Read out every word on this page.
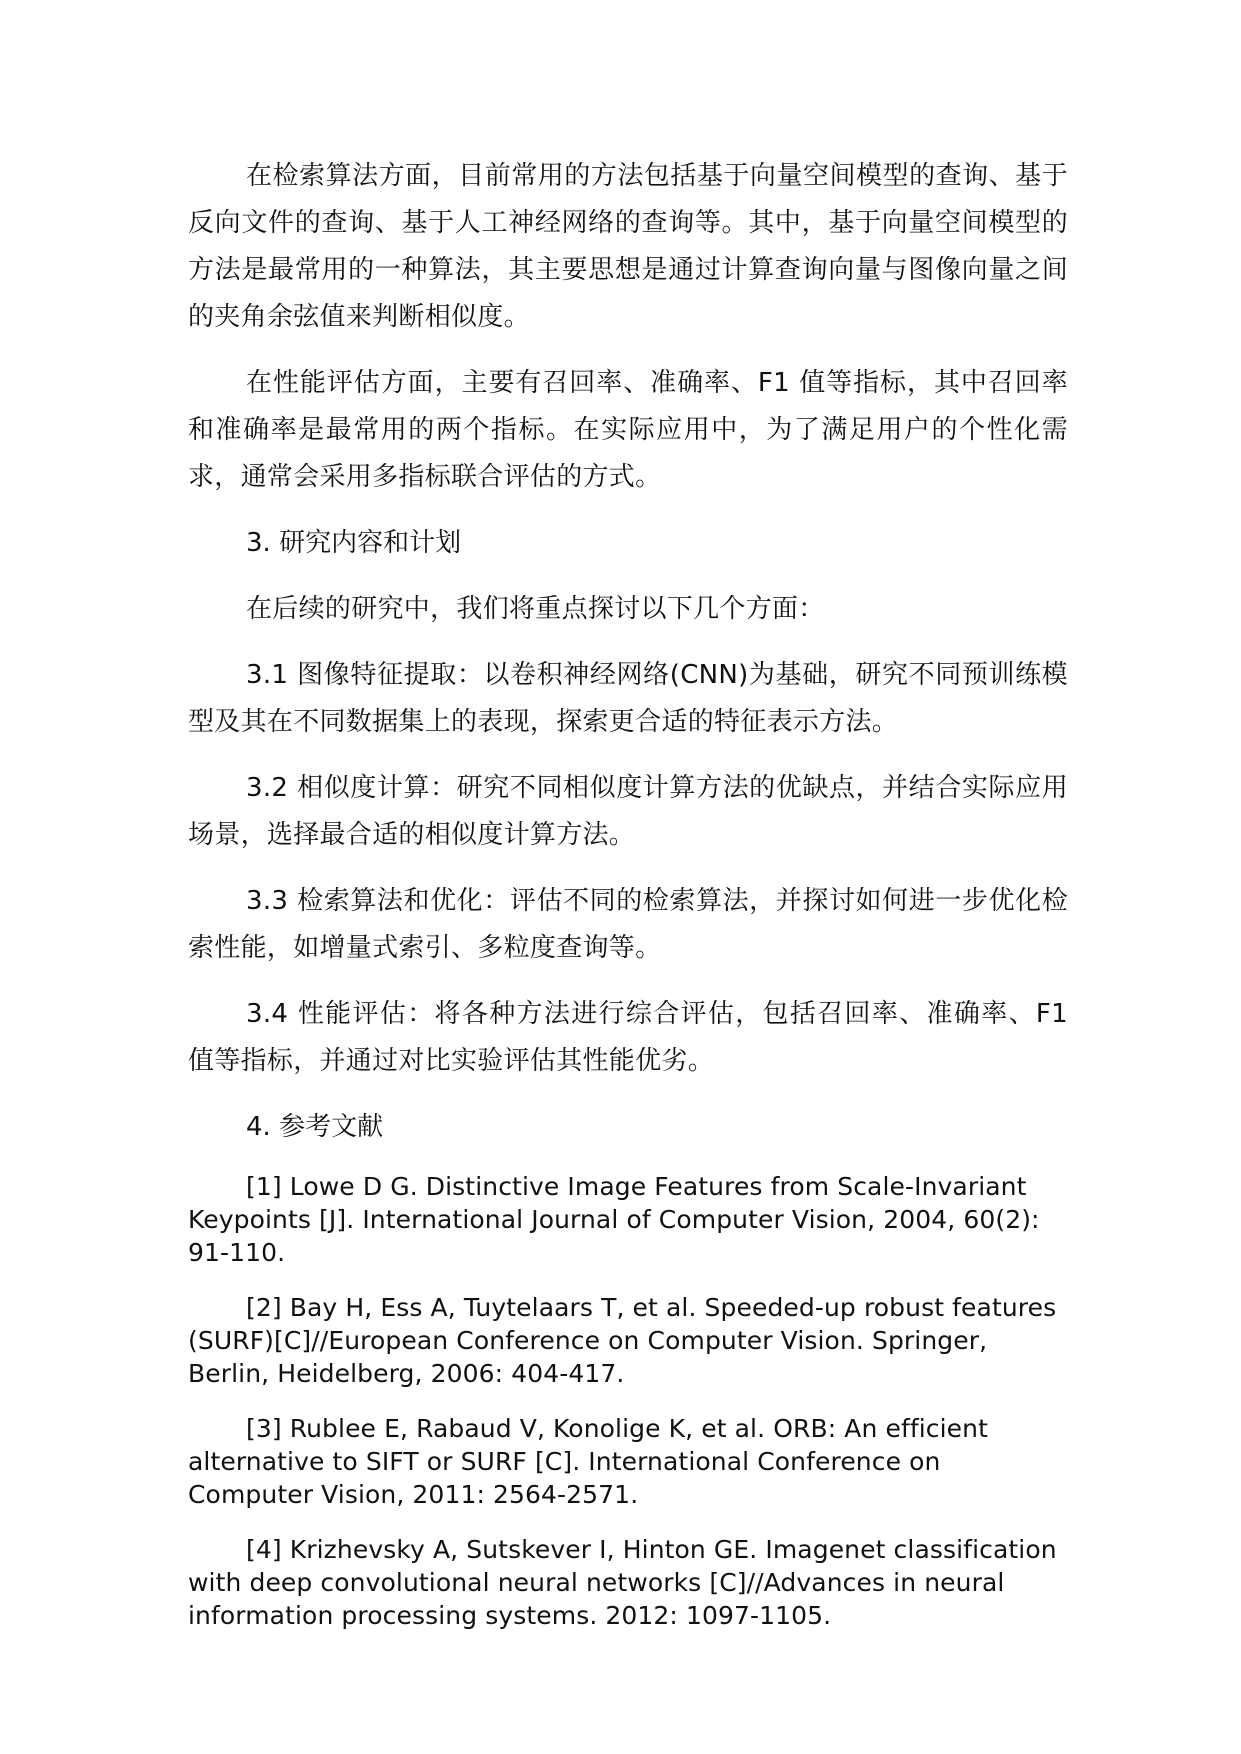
在检索算法方面，目前常用的方法包括基于向量空间模型的查询、基于反向文件的查询、基于人工神经网络的查询等。其中，基于向量空间模型的方法是最常用的一种算法，其主要思想是通过计算查询向量与图像向量之间的夹角余弦值来判断相似度。

在性能评估方面，主要有召回率、准确率、F1 值等指标，其中召回率和准确率是最常用的两个指标。在实际应用中，为了满足用户的个性化需求，通常会采用多指标联合评估的方式。

3. 研究内容和计划

在后续的研究中，我们将重点探讨以下几个方面：

3.1 图像特征提取：以卷积神经网络(CNN)为基础，研究不同预训练模型及其在不同数据集上的表现，探索更合适的特征表示方法。

3.2 相似度计算：研究不同相似度计算方法的优缺点，并结合实际应用场景，选择最合适的相似度计算方法。

3.3 检索算法和优化：评估不同的检索算法，并探讨如何进一步优化检索性能，如增量式索引、多粒度查询等。

3.4 性能评估：将各种方法进行综合评估，包括召回率、准确率、F1 值等指标，并通过对比实验评估其性能优劣。

4. 参考文献

[1] Lowe D G. Distinctive Image Features from Scale-Invariant Keypoints [J]. International Journal of Computer Vision, 2004, 60(2): 91-110.

[2] Bay H, Ess A, Tuytelaars T, et al. Speeded-up robust features (SURF)[C]//European Conference on Computer Vision. Springer, Berlin, Heidelberg, 2006: 404-417.

[3] Rublee E, Rabaud V, Konolige K, et al. ORB: An efficient alternative to SIFT or SURF [C]. International Conference on Computer Vision, 2011: 2564-2571.

[4] Krizhevsky A, Sutskever I, Hinton GE. Imagenet classification with deep convolutional neural networks [C]//Advances in neural information processing systems. 2012: 1097-1105.
